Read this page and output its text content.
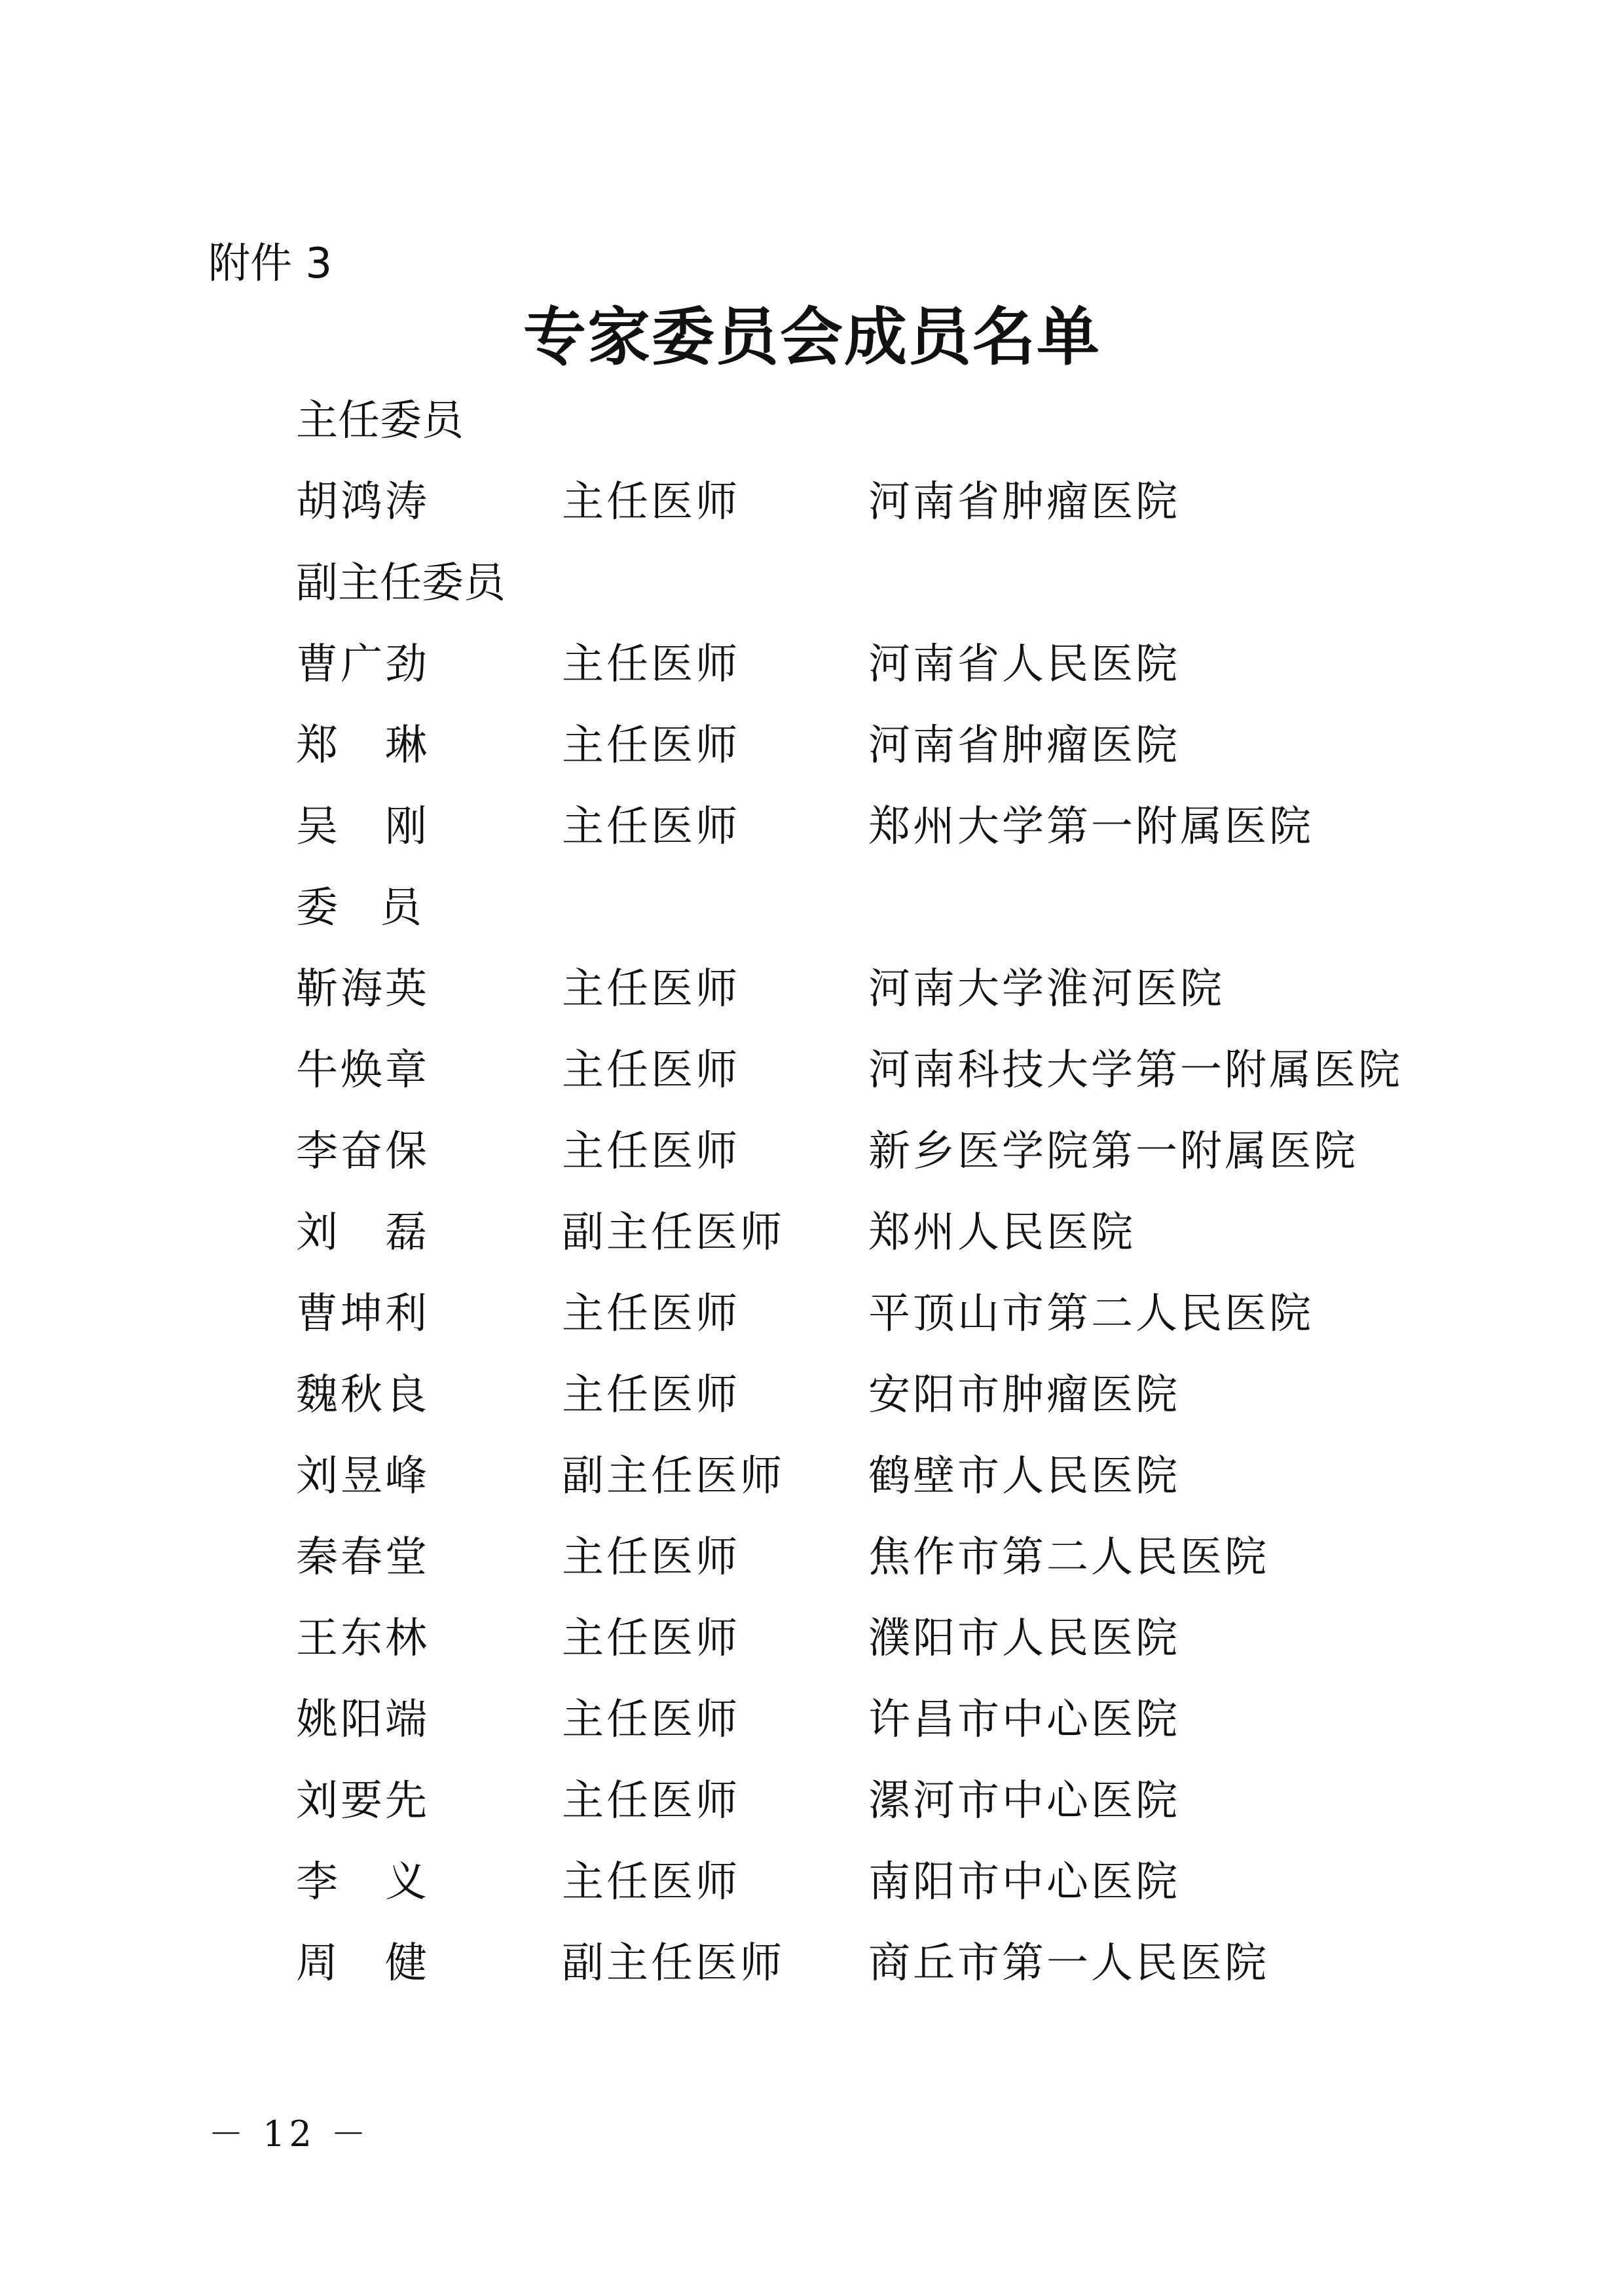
附件 3
专家委员会成员名单
主任委员
胡鸿涛	主任医师	河南省肿瘤医院
副主任委员
曹广劲	主任医师	河南省人民医院
郑　琳	主任医师	河南省肿瘤医院
吴　刚	主任医师	郑州大学第一附属医院
委　员
靳海英	主任医师	河南大学淮河医院
牛焕章	主任医师	河南科技大学第一附属医院
李奋保	主任医师	新乡医学院第一附属医院
刘　磊	副主任医师 郑州人民医院
曹坤利	主任医师	平顶山市第二人民医院
魏秋良	主任医师	安阳市肿瘤医院
刘昱峰	副主任医师 鹤壁市人民医院
秦春堂	主任医师	焦作市第二人民医院
王东林	主任医师	濮阳市人民医院
姚阳端	主任医师	许昌市中心医院
刘要先	主任医师	漯河市中心医院
李　义	主任医师	南阳市中心医院
周　健	副主任医师 商丘市第一人民医院
－ 12 －
